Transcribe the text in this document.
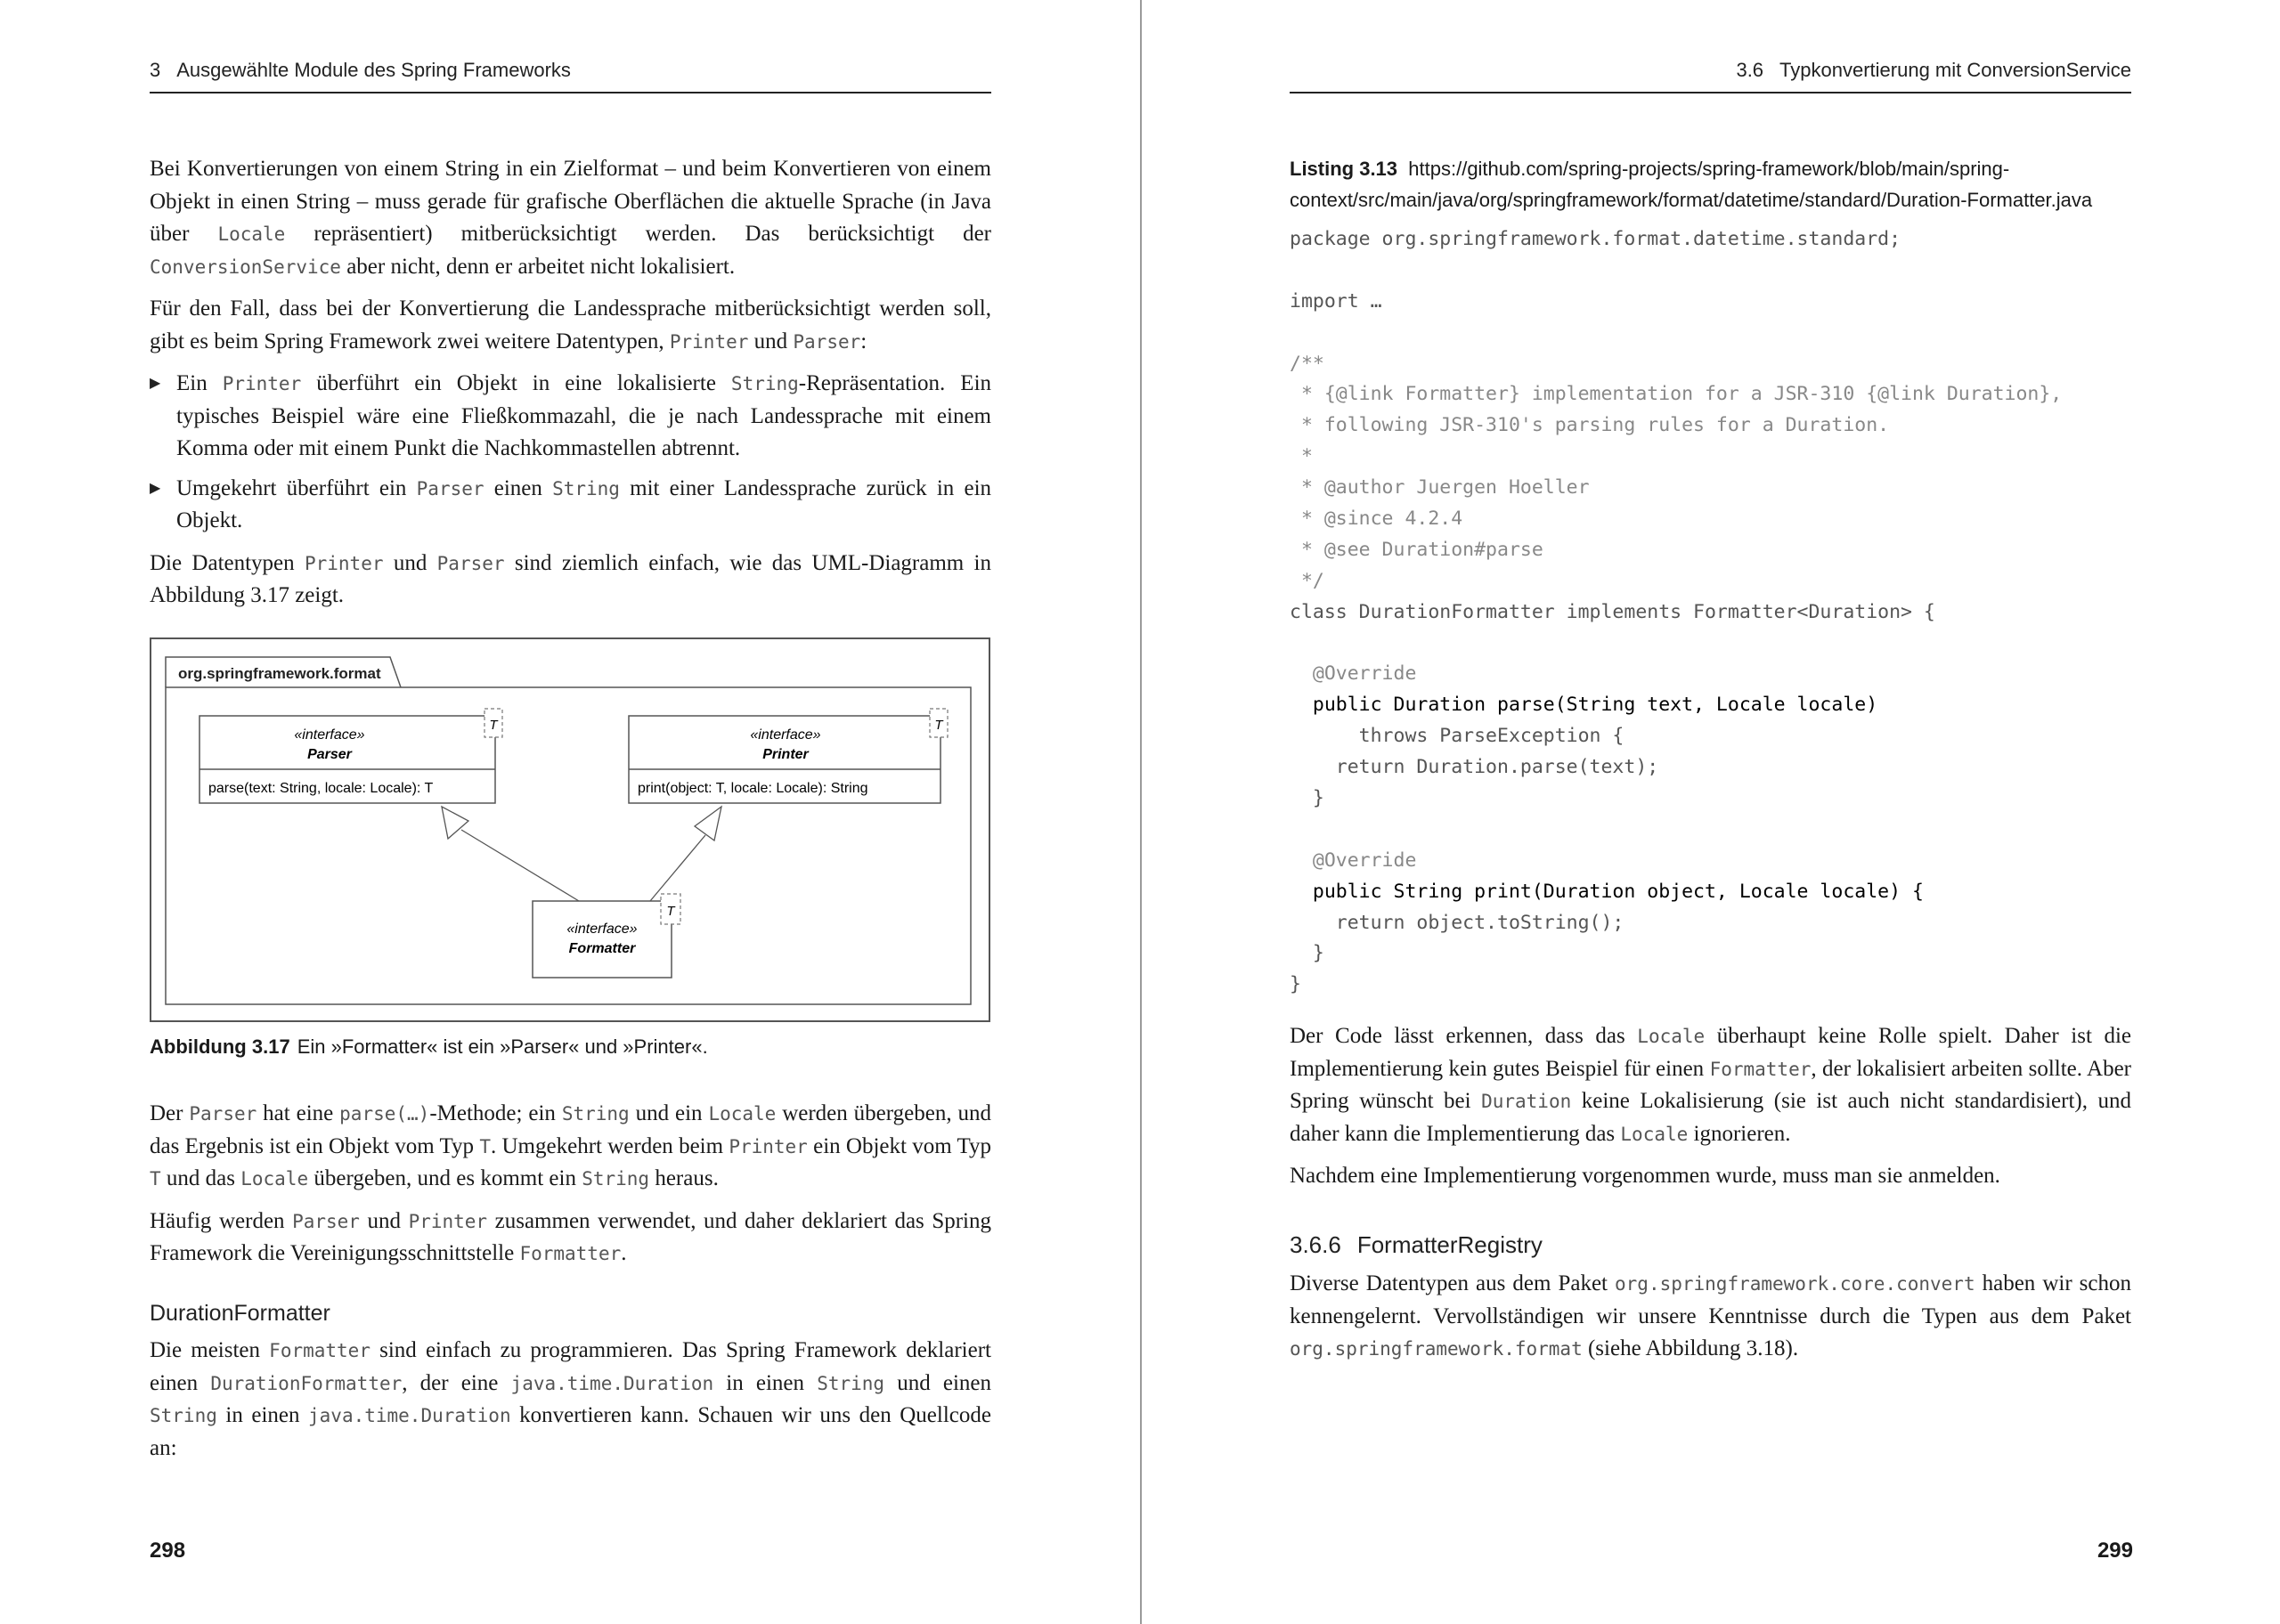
3 Ausgewählte Module des Spring Frameworks

Bei Konvertierungen von einem String in ein Zielformat – und beim Konvertieren von einem Objekt in einen String – muss gerade für grafische Oberflächen die aktuelle Sprache (in Java über Locale repräsentiert) mitberücksichtigt werden. Das berücksichtigt der ConversionService aber nicht, denn er arbeitet nicht lokalisiert.

Für den Fall, dass bei der Konvertierung die Landessprache mitberücksichtigt werden soll, gibt es beim Spring Framework zwei weitere Datentypen, Printer und Parser:

▶ Ein Printer überführt ein Objekt in eine lokalisierte String-Repräsentation. Ein typisches Beispiel wäre eine Fließkommazahl, die je nach Landessprache mit einem Komma oder mit einem Punkt die Nachkommastellen abtrennt.
▶ Umgekehrt überführt ein Parser einen String mit einer Landessprache zurück in ein Objekt.

Die Datentypen Printer und Parser sind ziemlich einfach, wie das UML-Diagramm in Abbildung 3.17 zeigt.

org.springframework.format
«interface»
Parser
parse(text: String, locale: Locale): T
T
«interface»
Printer
print(object: T, locale: Locale): String
T
«interface»
Formatter
T
Abbildung 3.17 Ein »Formatter« ist ein »Parser« und »Printer«.

Der Parser hat eine parse(…)-Methode; ein String und ein Locale werden übergeben, und das Ergebnis ist ein Objekt vom Typ T. Umgekehrt werden beim Printer ein Objekt vom Typ T und das Locale übergeben, und es kommt ein String heraus.

Häufig werden Parser und Printer zusammen verwendet, und daher deklariert das Spring Framework die Vereinigungsschnittstelle Formatter.

DurationFormatter

Die meisten Formatter sind einfach zu programmieren. Das Spring Framework deklariert einen DurationFormatter, der eine java.time.Duration in einen String und einen String in einen java.time.Duration konvertieren kann. Schauen wir uns den Quellcode an:

298
3.6 Typkonvertierung mit ConversionService
Listing 3.13 https://github.com/spring-projects/spring-framework/blob/main/spring-context/src/main/java/org/springframework/format/datetime/standard/Duration-Formatter.java
package org.springframework.format.datetime.standard;
import …
/**
* {@link Formatter} implementation for a JSR-310 {@link Duration},
* following JSR-310's parsing rules for a Duration.
*
* @author Juergen Hoeller
* @since 4.2.4
* @see Duration#parse
*/
class DurationFormatter implements Formatter<Duration> {
@Override
public Duration parse(String text, Locale locale)
throws ParseException {
return Duration.parse(text);
}
@Override
public String print(Duration object, Locale locale) {
return object.toString();
}
}

Der Code lässt erkennen, dass das Locale überhaupt keine Rolle spielt. Daher ist die Implementierung kein gutes Beispiel für einen Formatter, der lokalisiert arbeiten sollte. Aber Spring wünscht bei Duration keine Lokalisierung (sie ist auch nicht standardisiert), und daher kann die Implementierung das Locale ignorieren.

Nachdem eine Implementierung vorgenommen wurde, muss man sie anmelden.

3.6.6 FormatterRegistry

Diverse Datentypen aus dem Paket org.springframework.core.convert haben wir schon kennengelernt. Vervollständigen wir unsere Kenntnisse durch die Typen aus dem Paket org.springframework.format (siehe Abbildung 3.18).

299
